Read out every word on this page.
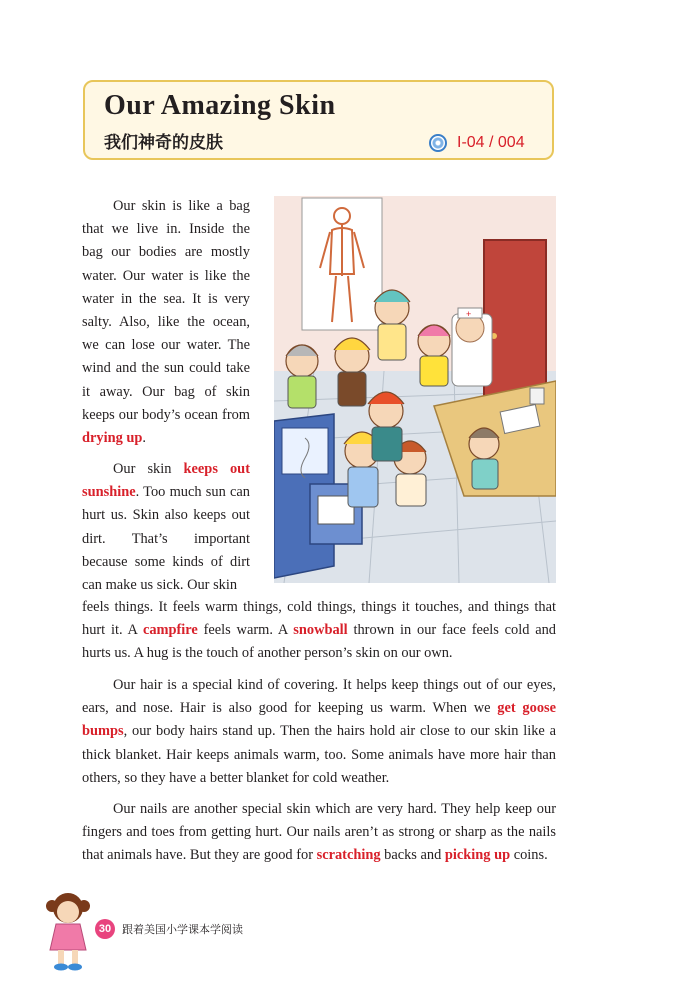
Our Amazing Skin
我们神奇的皮肤	I-04 / 004

Our skin is like a bag that we live in. Inside the bag our bodies are mostly water. Our water is like the water in the sea. It is very salty. Also, like the ocean, we can lose our water. The wind and the sun could take it away. Our bag of skin keeps our body’s ocean from drying up.

Our skin keeps out sunshine. Too much sun can hurt us. Skin also keeps out dirt. That’s important because some kinds of dirt can make us sick. Our skin

feels things. It feels warm things, cold things, things it touches, and things that hurt it. A campfire feels warm. A snowball thrown in our face feels cold and hurts us. A hug is the touch of another person’s skin on our own.

Our hair is a special kind of covering. It helps keep things out of our eyes, ears, and nose. Hair is also good for keeping us warm. When we get goose bumps, our body hairs stand up. Then the hairs hold air close to our skin like a thick blanket. Hair keeps animals warm, too. Some animals have more hair than others, so they have a better blanket for cold weather.

Our nails are another special skin which are very hard. They help keep our fingers and toes from getting hurt. Our nails aren’t as strong or sharp as the nails that animals have. But they are good for scratching backs and picking up coins.

+
30 跟着美国小学课本学阅读
